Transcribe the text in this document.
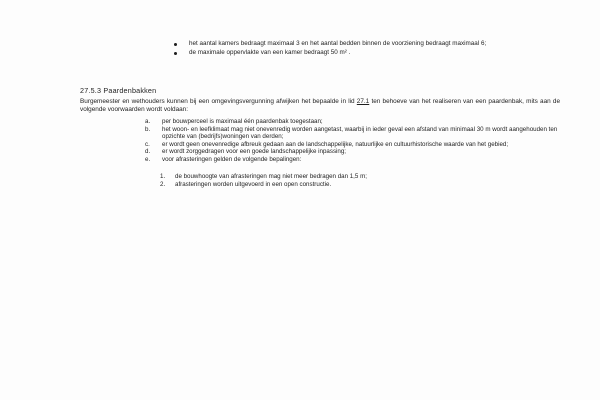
het aantal kamers bedraagt maximaal 3 en het aantal bedden binnen de voorziening bedraagt maximaal 6;
de maximale oppervlakte van een kamer bedraagt 50 m² .
27.5.3 Paardenbakken
Burgemeester en wethouders kunnen bij een omgevingsvergunning afwijken het bepaalde in lid 27.1 ten behoeve van het realiseren van een paardenbak, mits aan de volgende voorwaarden wordt voldaan:
a. per bouwperceel is maximaal één paardenbak toegestaan;
b. het woon- en leefklimaat mag niet onevenredig worden aangetast, waarbij in ieder geval een afstand van minimaal 30 m wordt aangehouden ten opzichte van (bedrijfs)woningen van derden;
c. er wordt geen onevenredige afbreuk gedaan aan de landschappelijke, natuurlijke en cultuurhistorische waarde van het gebied;
d. er wordt zorggedragen voor een goede landschappelijke inpassing;
e. voor afrasteringen gelden de volgende bepalingen:
1. de bouwhoogte van afrasteringen mag niet meer bedragen dan 1,5 m;
2. afrasteringen worden uitgevoerd in een open constructie.
